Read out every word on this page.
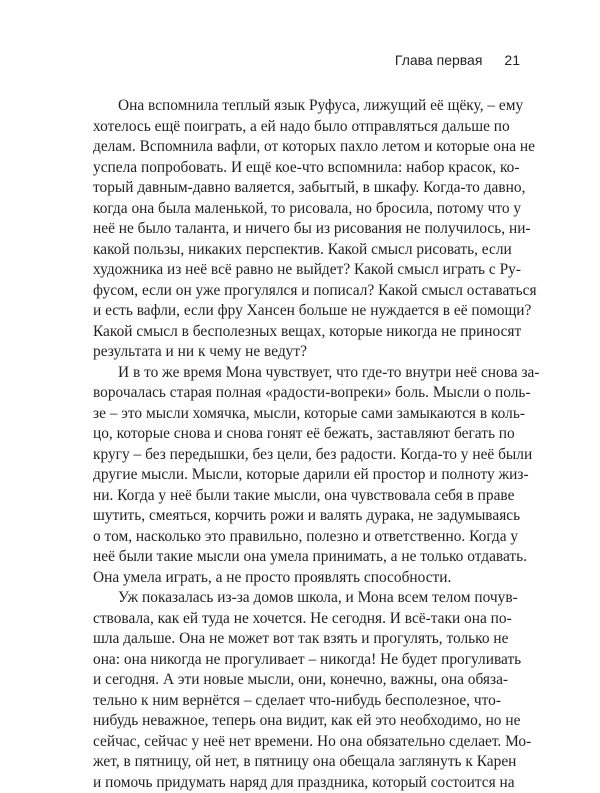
Глава первая 21
Она вспомнила теплый язык Руфуса, лижущий её щёку, – ему
хотелось ещё поиграть, а ей надо было отправляться дальше по
делам. Вспомнила вафли, от которых пахло летом и которые она не
успела попробовать. И ещё кое-что вспомнила: набор красок, ко-
торый давным-давно валяется, забытый, в шкафу. Когда-то давно,
когда она была маленькой, то рисовала, но бросила, потому что у
неё не было таланта, и ничего бы из рисования не получилось, ни-
какой пользы, никаких перспектив. Какой смысл рисовать, если
художника из неё всё равно не выйдет? Какой смысл играть с Ру-
фусом, если он уже прогулялся и пописал? Какой смысл оставаться
и есть вафли, если фру Хансен больше не нуждается в её помощи?
Какой смысл в бесполезных вещах, которые никогда не приносят
результата и ни к чему не ведут?
И в то же время Мона чувствует, что где-то внутри неё снова за-
ворочалась старая полная «радости-вопреки» боль. Мысли о поль-
зе – это мысли хомячка, мысли, которые сами замыкаются в коль-
цо, которые снова и снова гонят её бежать, заставляют бегать по
кругу – без передышки, без цели, без радости. Когда-то у неё были
другие мысли. Мысли, которые дарили ей простор и полноту жиз-
ни. Когда у неё были такие мысли, она чувствовала себя в праве
шутить, смеяться, корчить рожи и валять дурака, не задумываясь
о том, насколько это правильно, полезно и ответственно. Когда у
неё были такие мысли она умела принимать, а не только отдавать.
Она умела играть, а не просто проявлять способности.
Уж показалась из-за домов школа, и Мона всем телом почув-
ствовала, как ей туда не хочется. Не сегодня. И всё-таки она по-
шла дальше. Она не может вот так взять и прогулять, только не
она: она никогда не прогуливает – никогда! Не будет прогуливать
и сегодня. А эти новые мысли, они, конечно, важны, она обяза-
тельно к ним вернётся – сделает что-нибудь бесполезное, что-
нибудь неважное, теперь она видит, как ей это необходимо, но не
сейчас, сейчас у неё нет времени. Но она обязательно сделает. Мо-
жет, в пятницу, ой нет, в пятницу она обещала заглянуть к Карен
и помочь придумать наряд для праздника, который состоится на
